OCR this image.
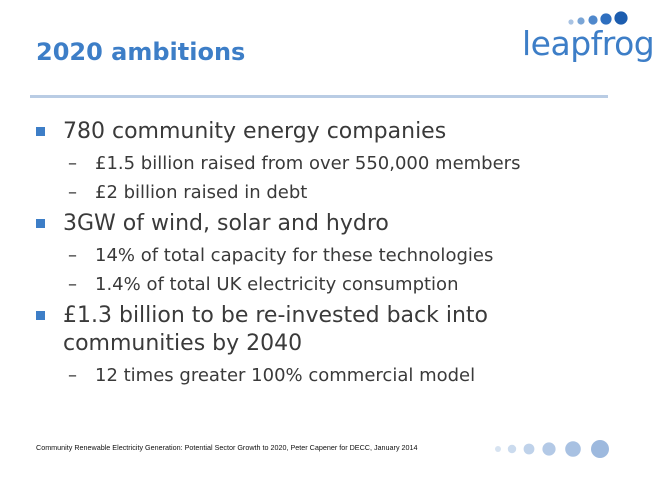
leapfrog
2020 ambitions
780 community energy companies
– £1.5 billion raised from over 550,000 members
– £2 billion raised in debt
3GW of wind, solar and hydro
– 14% of total capacity for these technologies
– 1.4% of total UK electricity consumption
£1.3 billion to be re-invested back into communities by 2040
– 12 times greater 100% commercial model
Community Renewable Electricity Generation: Potential Sector Growth to 2020, Peter Capener for DECC, January 2014
